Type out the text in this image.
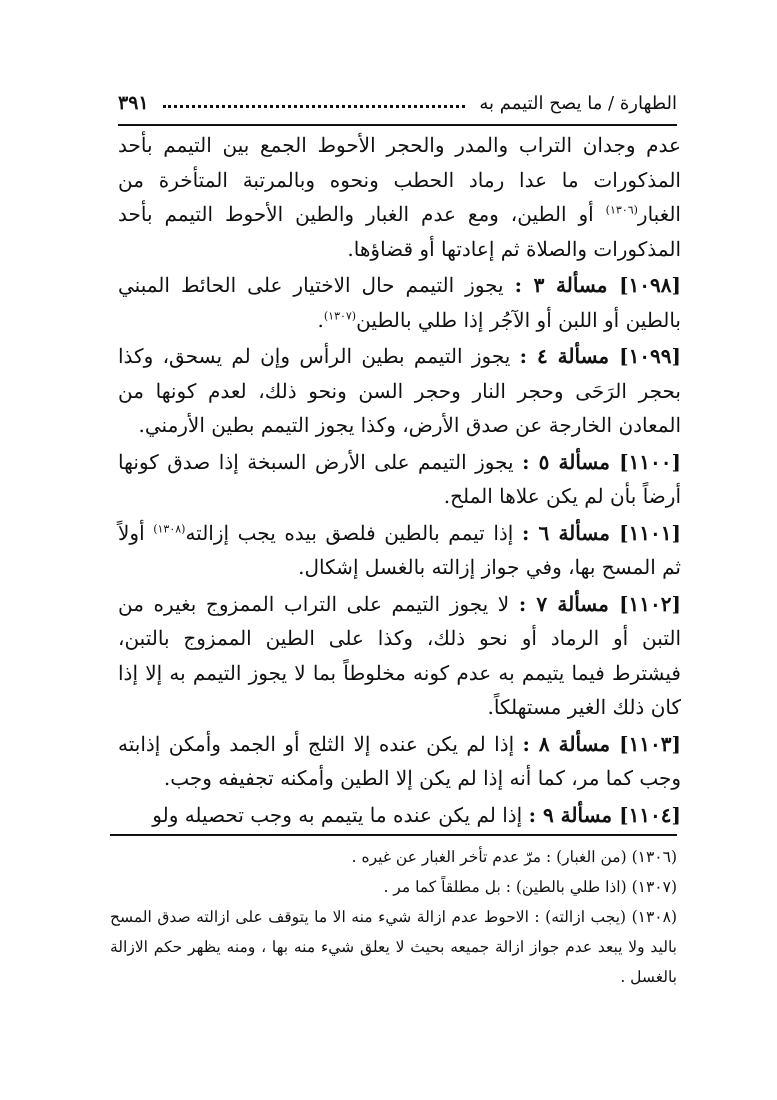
الطهارة / ما يصح التيمم به
٣٩١

عدم وجدان التراب والمدر والحجر الأحوط الجمع بين التيمم بأحد المذكورات ما عدا رماد الحطب ونحوه وبالمرتبة المتأخرة من الغبار$^{(١٣٠٦)}$ أو الطين، ومع عدم الغبار والطين الأحوط التيمم بأحد المذكورات والصلاة ثم إعادتها أو قضاؤها.

[١٠٩٨] مسألة ٣ : يجوز التيمم حال الاختيار على الحائط المبني بالطين أو اللبن أو الآجُر إذا طلي بالطين$^{(١٣٠٧)}$.

[١٠٩٩] مسألة ٤ : يجوز التيمم بطين الرأس وإن لم يسحق، وكذا بحجر الرَحَى وحجر النار وحجر السن ونحو ذلك، لعدم كونها من المعادن الخارجة عن صدق الأرض، وكذا يجوز التيمم بطين الأرمني.

[١١٠٠] مسألة ٥ : يجوز التيمم على الأرض السبخة إذا صدق كونها أرضاً بأن لم يكن علاها الملح.

[١١٠١] مسألة ٦ : إذا تيمم بالطين فلصق بيده يجب إزالته$^{(١٣٠٨)}$ أولاً ثم المسح بها، وفي جواز إزالته بالغسل إشكال.

[١١٠٢] مسألة ٧ : لا يجوز التيمم على التراب الممزوج بغيره من التبن أو الرماد أو نحو ذلك، وكذا على الطين الممزوج بالتبن، فيشترط فيما يتيمم به عدم كونه مخلوطاً بما لا يجوز التيمم به إلا إذا كان ذلك الغير مستهلكاً.

[١١٠٣] مسألة ٨ : إذا لم يكن عنده إلا الثلج أو الجمد وأمكن إذابته وجب كما مر، كما أنه إذا لم يكن إلا الطين وأمكنه تجفيفه وجب.

[١١٠٤] مسألة ٩ : إذا لم يكن عنده ما يتيمم به وجب تحصيله ولو

(١٣٠٦) (من الغبار) : مرّ عدم تأخر الغبار عن غيره .

(١٣٠٧) (اذا طلي بالطين) : بل مطلقاً كما مر .

(١٣٠٨) (يجب ازالته) : الاحوط عدم ازالة شيء منه الا ما يتوقف على ازالته صدق المسح باليد ولا يبعد عدم جواز ازالة جميعه بحيث لا يعلق شيء منه بها ، ومنه يظهر حكم الازالة بالغسل .
